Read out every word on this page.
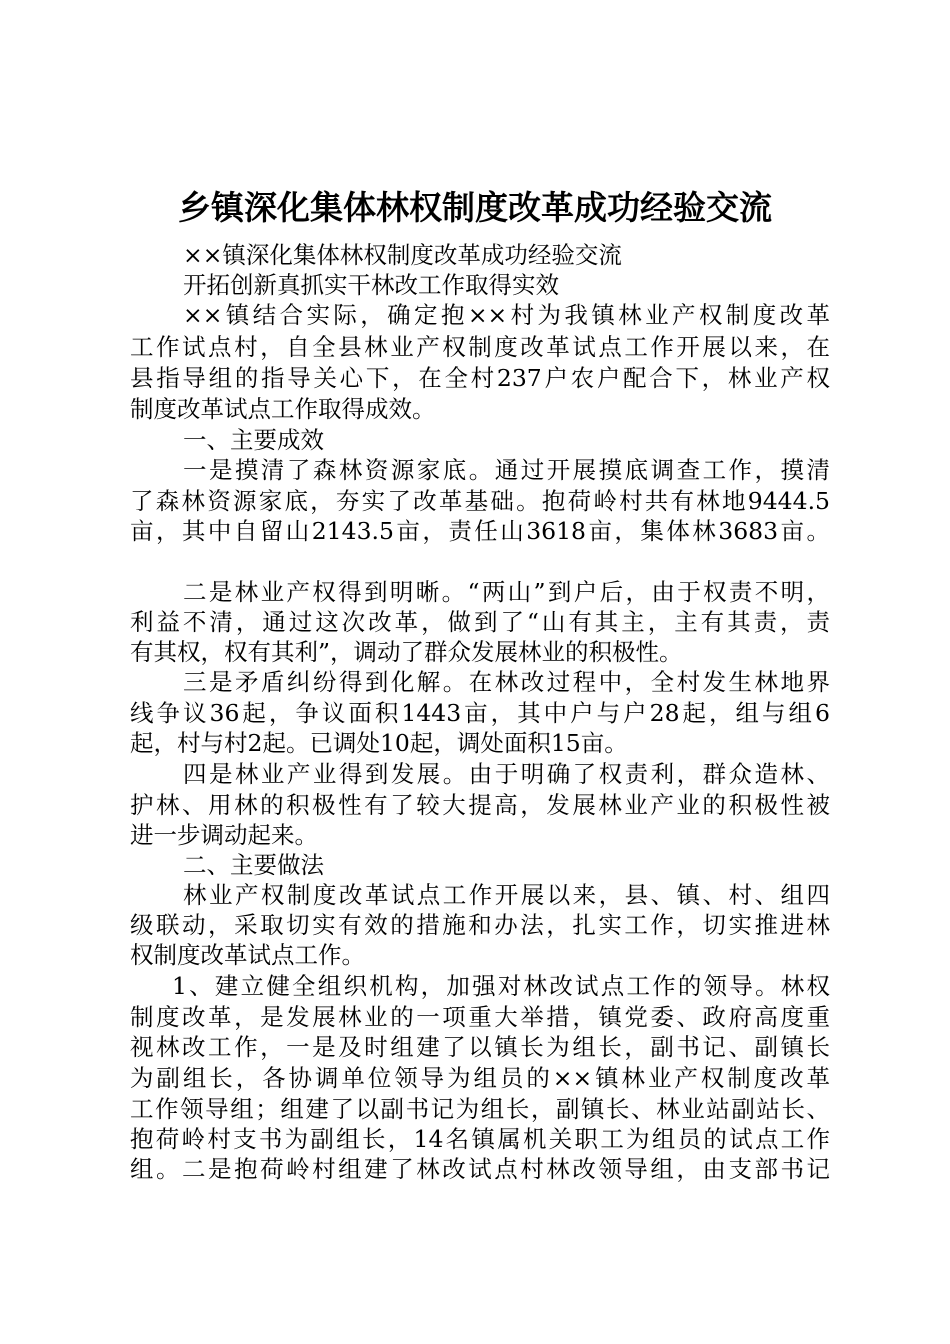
乡镇深化集体林权制度改革成功经验交流
××镇深化集体林权制度改革成功经验交流
开拓创新真抓实干林改工作取得实效
××镇结合实际，确定抱××村为我镇林业产权制度改革
工作试点村，自全县林业产权制度改革试点工作开展以来，在
县指导组的指导关心下，在全村237户农户配合下，林业产权
制度改革试点工作取得成效。
一、主要成效
一是摸清了森林资源家底。通过开展摸底调查工作，摸清
了森林资源家底，夯实了改革基础。抱荷岭村共有林地9444.5
亩，其中自留山2143.5亩，责任山3618亩，集体林3683亩。
二是林业产权得到明晰。“两山”到户后，由于权责不明，
利益不清，通过这次改革，做到了“山有其主，主有其责，责
有其权，权有其利”，调动了群众发展林业的积极性。
三是矛盾纠纷得到化解。在林改过程中，全村发生林地界
线争议36起，争议面积1443亩，其中户与户28起，组与组6
起，村与村2起。已调处10起，调处面积15亩。
四是林业产业得到发展。由于明确了权责利，群众造林、
护林、用林的积极性有了较大提高，发展林业产业的积极性被
进一步调动起来。
二、主要做法
林业产权制度改革试点工作开展以来，县、镇、村、组四
级联动，采取切实有效的措施和办法，扎实工作，切实推进林
权制度改革试点工作。
1、建立健全组织机构，加强对林改试点工作的领导。林权
制度改革，是发展林业的一项重大举措，镇党委、政府高度重
视林改工作，一是及时组建了以镇长为组长，副书记、副镇长
为副组长，各协调单位领导为组员的××镇林业产权制度改革
工作领导组；组建了以副书记为组长，副镇长、林业站副站长、
抱荷岭村支书为副组长，14名镇属机关职工为组员的试点工作
组。二是抱荷岭村组建了林改试点村林改领导组，由支部书记
